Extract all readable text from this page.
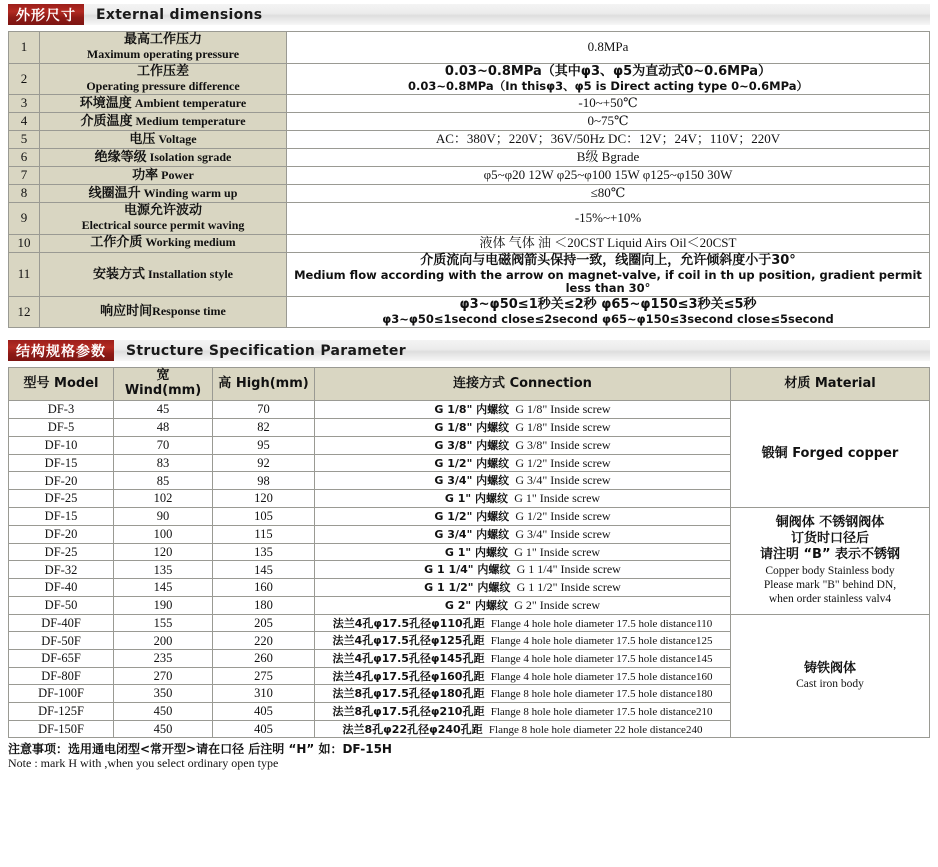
外形尺寸	External dimensions
1	最高工作压力
Maximum operating pressure	0.8MPa

2	工作压差
Operating pressure difference

0.03~0.8MPa（其中φ3、φ5为直动式0~0.6MPa）
0.03~0.8MPa（In thisφ3、φ5 is Direct acting type 0~0.6MPa）

3	环境温度 Ambient temperature	-10~+50℃

4	介质温度 Medium temperature	0~75℃

5	电压 Voltage	AC：380V；220V；36V/50Hz DC：12V；24V；110V；220V

6	绝缘等级 Isolation sgrade	B级 Bgrade

7	功率 Power	φ5~φ20 12W φ25~φ100 15W φ125~φ150 30W

8	线圈温升 Winding warm up	≤80℃

9	电源允许波动
Electrical source permit waving	-15%~+10%

10	工作介质 Working medium	液体 气体 油 ＜20CST Liquid Airs Oil＜20CST

11	安装方式 Installation style	介质流向与电磁阀箭头保持一致，线圈向上，允许倾斜度小于30°
Medium flow according with the arrow on magnet-valve, if coil in th up position, gradient permit less than 30°

12	响应时间Response time	φ3~φ50≤1秒关≤2秒 φ65~φ150≤3秒关≤5秒
φ3~φ50≤1second close≤2second φ65~φ150≤3second close≤5second
结构规格参数	Structure Specification Parameter
型号 Model	宽 Wind(mm)	高 High(mm)	连接方式 Connection	材质 Material
DF-3	45	70	G 1/8" 内螺纹 G 1/8" Inside screw	锻铜 Forged copper

DF-5	48	82	G 1/8" 内螺纹 G 1/8" Inside screw	
DF-10	70	95	G 3/8" 内螺纹 G 3/8" Inside screw	
DF-15	83	92	G 1/2" 内螺纹 G 1/2" Inside screw	
DF-20	85	98	G 3/4" 内螺纹 G 3/4" Inside screw	
DF-25	102	120	G 1" 内螺纹 G 1" Inside screw	
DF-15	90	105	G 1/2" 内螺纹 G 1/2" Inside screw	铜阀体 不锈钢阀体
订货时口径后
请注明 “B” 表示不锈钢
Copper body Stainless body
Please mark "B" behind DN,
when order stainless valv4

DF-20	100	115	G 3/4" 内螺纹 G 3/4" Inside screw	
DF-25	120	135	G 1" 内螺纹 G 1" Inside screw	
DF-32	135	145	G 1 1/4" 内螺纹 G 1 1/4" Inside screw	
DF-40	145	160	G 1 1/2" 内螺纹 G 1 1/2" Inside screw	
DF-50	190	180	G 2" 内螺纹 G 2" Inside screw	
DF-40F	155	205	法兰4孔φ17.5孔径φ110孔距 Flange 4 hole hole diameter 17.5 hole distance110	铸铁阀体
Cast iron body

DF-50F	200	220	法兰4孔φ17.5孔径φ125孔距 Flange 4 hole hole diameter 17.5 hole distance125	
DF-65F	235	260	法兰4孔φ17.5孔径φ145孔距 Flange 4 hole hole diameter 17.5 hole distance145	
DF-80F	270	275	法兰4孔φ17.5孔径φ160孔距 Flange 4 hole hole diameter 17.5 hole distance160	
DF-100F	350	310	法兰8孔φ17.5孔径φ180孔距 Flange 8 hole hole diameter 17.5 hole distance180	
DF-125F	450	405	法兰8孔φ17.5孔径φ210孔距 Flange 8 hole hole diameter 17.5 hole distance210	
DF-150F	450	405	法兰8孔φ22孔径φ240孔距 Flange 8 hole hole diameter 22 hole distance240	
注意事项：选用通电闭型<常开型>请在口径 后注明 “H” 如：DF-15H
Note : mark H with ,when you select ordinary open type
